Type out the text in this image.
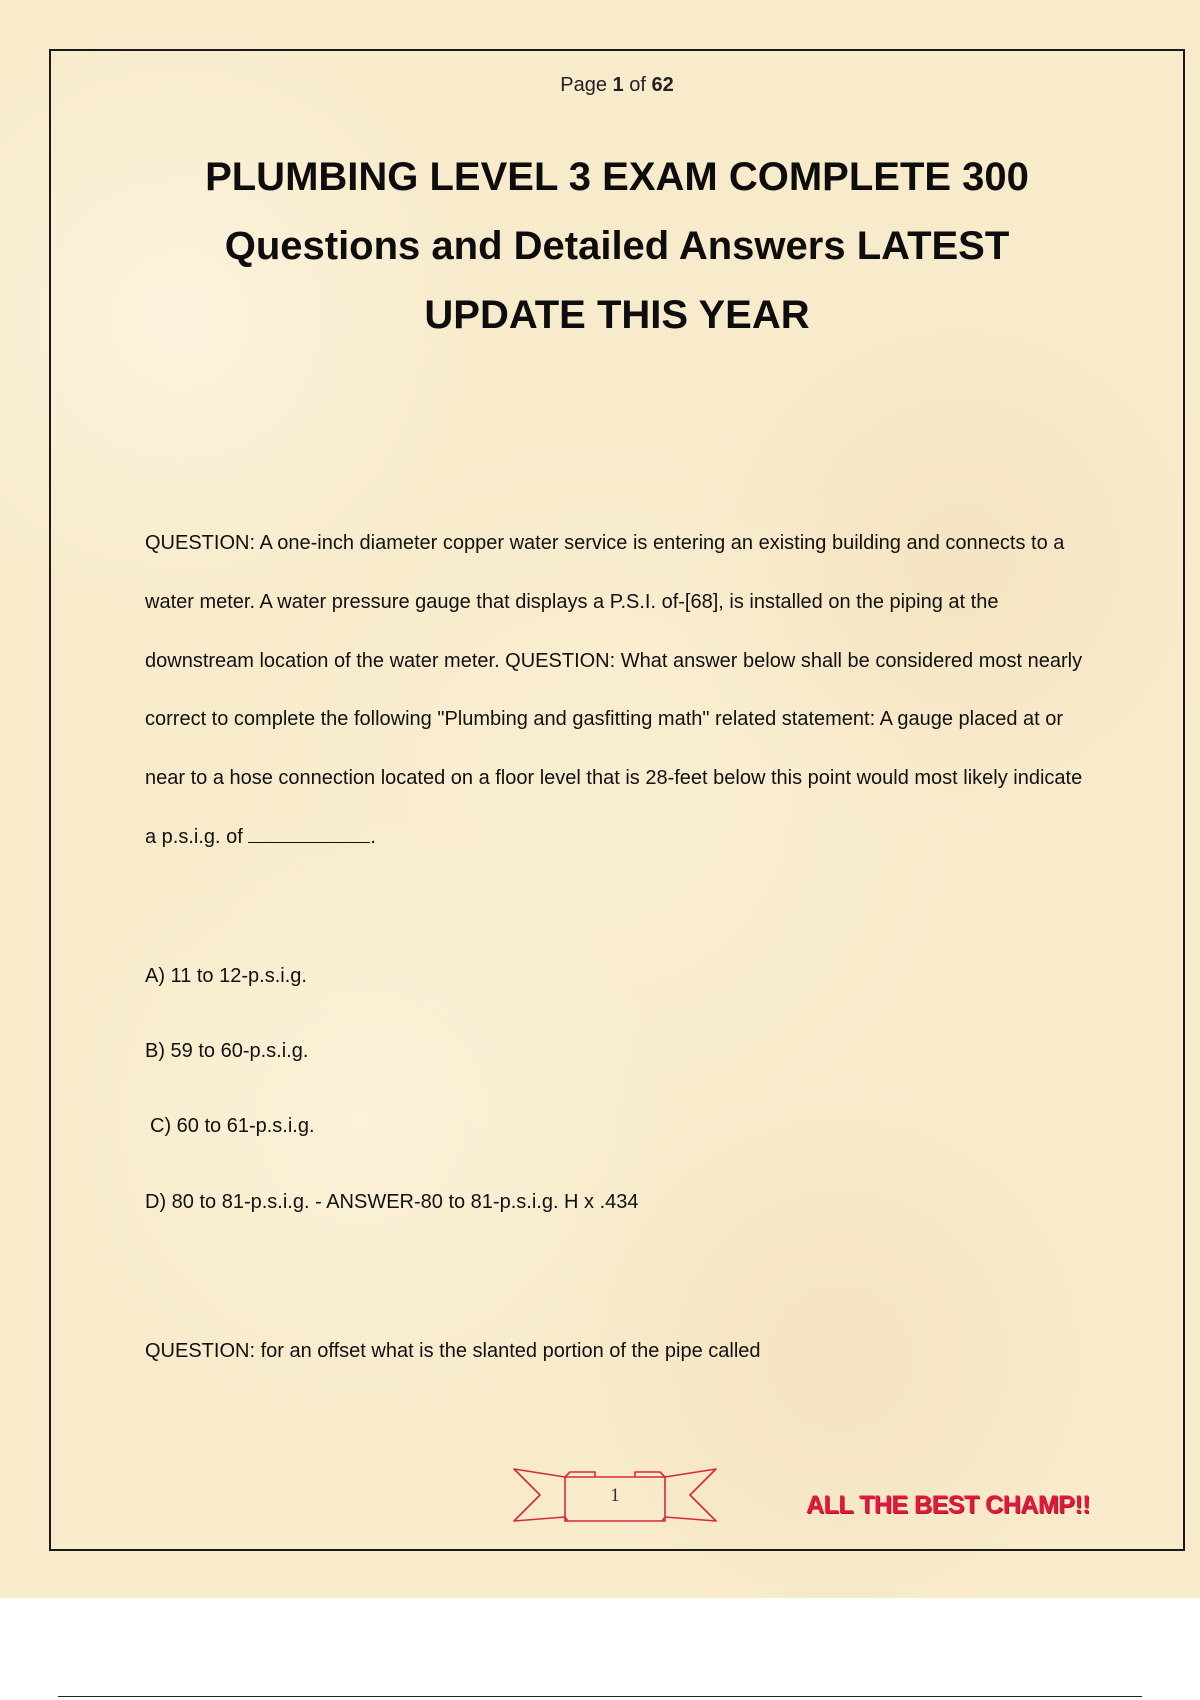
Page 1 of 62
PLUMBING LEVEL 3 EXAM COMPLETE 300 Questions and Detailed Answers LATEST UPDATE THIS YEAR
QUESTION: A one-inch diameter copper water service is entering an existing building and connects to a water meter. A water pressure gauge that displays a P.S.I. of-[68], is installed on the piping at the downstream location of the water meter. QUESTION: What answer below shall be considered most nearly correct to complete the following "Plumbing and gasfitting math" related statement: A gauge placed at or near to a hose connection located on a floor level that is 28-feet below this point would most likely indicate a p.s.i.g. of	.
A) 11 to 12-p.s.i.g.
B) 59 to 60-p.s.i.g.
C) 60 to 61-p.s.i.g.
D) 80 to 81-p.s.i.g. - ANSWER-80 to 81-p.s.i.g. H x .434
QUESTION: for an offset what is the slanted portion of the pipe called
1	ALL THE BEST CHAMP!!
